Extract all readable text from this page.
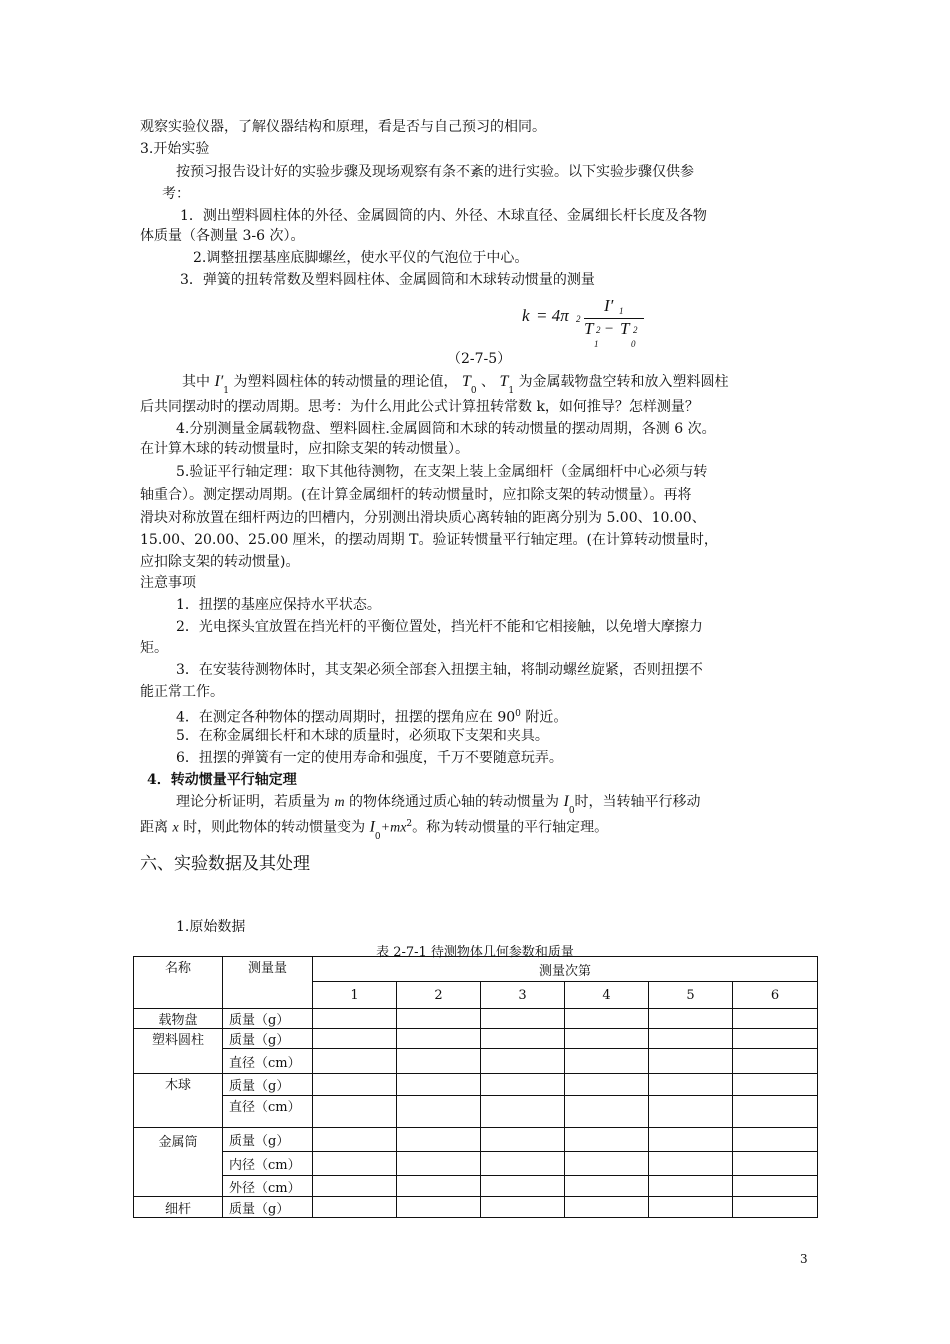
观察实验仪器，了解仪器结构和原理，看是否与自己预习的相同。
3.开始实验
按预习报告设计好的实验步骤及现场观察有条不紊的进行实验。以下实验步骤仅供参
考：
1．测出塑料圆柱体的外径、金属圆筒的内、外径、木球直径、金属细长杆长度及各物
体质量（各测量 3-6 次）。
2.调整扭摆基座底脚螺丝，使水平仪的气泡位于中心。
3．弹簧的扭转常数及塑料圆柱体、金属圆筒和木球转动惯量的测量
k = 4π 2
I′ 1
T 2 − T 2
1	0
（2-7-5）
其中 $I'_1$ 为塑料圆柱体的转动惯量的理论值， $T_0$ 、 $T_1$ 为金属载物盘空转和放入塑料圆柱
后共同摆动时的摆动周期。思考：为什么用此公式计算扭转常数 k，如何推导？怎样测量？
4.分别测量金属载物盘、塑料圆柱.金属圆筒和木球的转动惯量的摆动周期，各测 6 次。
在计算木球的转动惯量时，应扣除支架的转动惯量）。
5.验证平行轴定理：取下其他待测物，在支架上装上金属细杆（金属细杆中心必须与转
轴重合）。测定摆动周期。(在计算金属细杆的转动惯量时，应扣除支架的转动惯量）。再将
滑块对称放置在细杆两边的凹槽内，分别测出滑块质心离转轴的距离分别为 5.00、10.00、
15.00、20.00、25.00 厘米，的摆动周期 T。验证转惯量平行轴定理。(在计算转动惯量时，
应扣除支架的转动惯量)。
注意事项
1．扭摆的基座应保持水平状态。
2．光电探头宜放置在挡光杆的平衡位置处，挡光杆不能和它相接触，以免增大摩擦力
矩。
3．在安装待测物体时，其支架必须全部套入扭摆主轴，将制动螺丝旋紧，否则扭摆不
能正常工作。
4．在测定各种物体的摆动周期时，扭摆的摆角应在 $90^0$ 附近。
5．在称金属细长杆和木球的质量时，必须取下支架和夹具。
6．扭摆的弹簧有一定的使用寿命和强度，千万不要随意玩弄。
4．转动惯量平行轴定理
理论分析证明，若质量为 m 的物体绕通过质心轴的转动惯量为 $I_0$时，当转轴平行移动
距离 x 时，则此物体的转动惯量变为 $I_0+mx^2$。称为转动惯量的平行轴定理。
六、实验数据及其处理
1.原始数据
表 2-7-1 待测物体几何参数和质量
名称	测量量	测量次第					
		1	2	3	4	5	6
载物盘	质量（g）						
塑料圆柱	质量（g）						
	直径（cm）						
木球	质量（g）						
	直径（cm）						
金属筒	质量（g）						
	内径（cm）						
	外径（cm）						
细杆	质量（g）						
3
